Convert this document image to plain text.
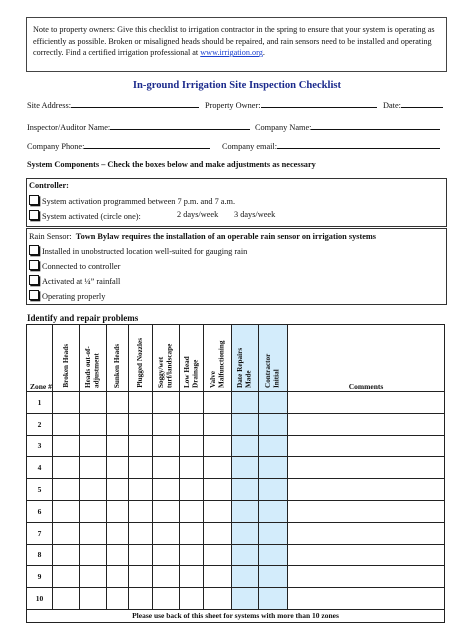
Note to property owners: Give this checklist to irrigation contractor in the spring to ensure that your system is operating as efficiently as possible. Broken or misaligned heads should be repaired, and rain sensors need to be installed and operating correctly. Find a certified irrigation professional at www.irrigation.org.
In-ground Irrigation Site Inspection Checklist
Site Address:	Property Owner:	Date:
Inspector/Auditor Name:	Company Name:
Company Phone:	Company email:
System Components – Check the boxes below and make adjustments as necessary
Controller:
System activation programmed between 7 p.m. and 7 a.m.
System activated (circle one):	2 days/week 3 days/week
Rain Sensor: Town Bylaw requires the installation of an operable rain sensor on irrigation systems
Installed in unobstructed location well-suited for gauging rain
Connected to controller
Activated at ¼” rainfall
Operating properly
Identify and repair problems
Zone #	Broken Heads	Heads out-of- adjustment	Sunken Heads	Plugged Nozzles	Soggy/wet turf/landscape	Low Head Drainage	Valve Malfunctioning	Date Repairs Made	Contractor Initial	Comments
1										
2										
3										
4										
5										
6										
7										
8										
9										
10										
Please use back of this sheet for systems with more than 10 zones										
